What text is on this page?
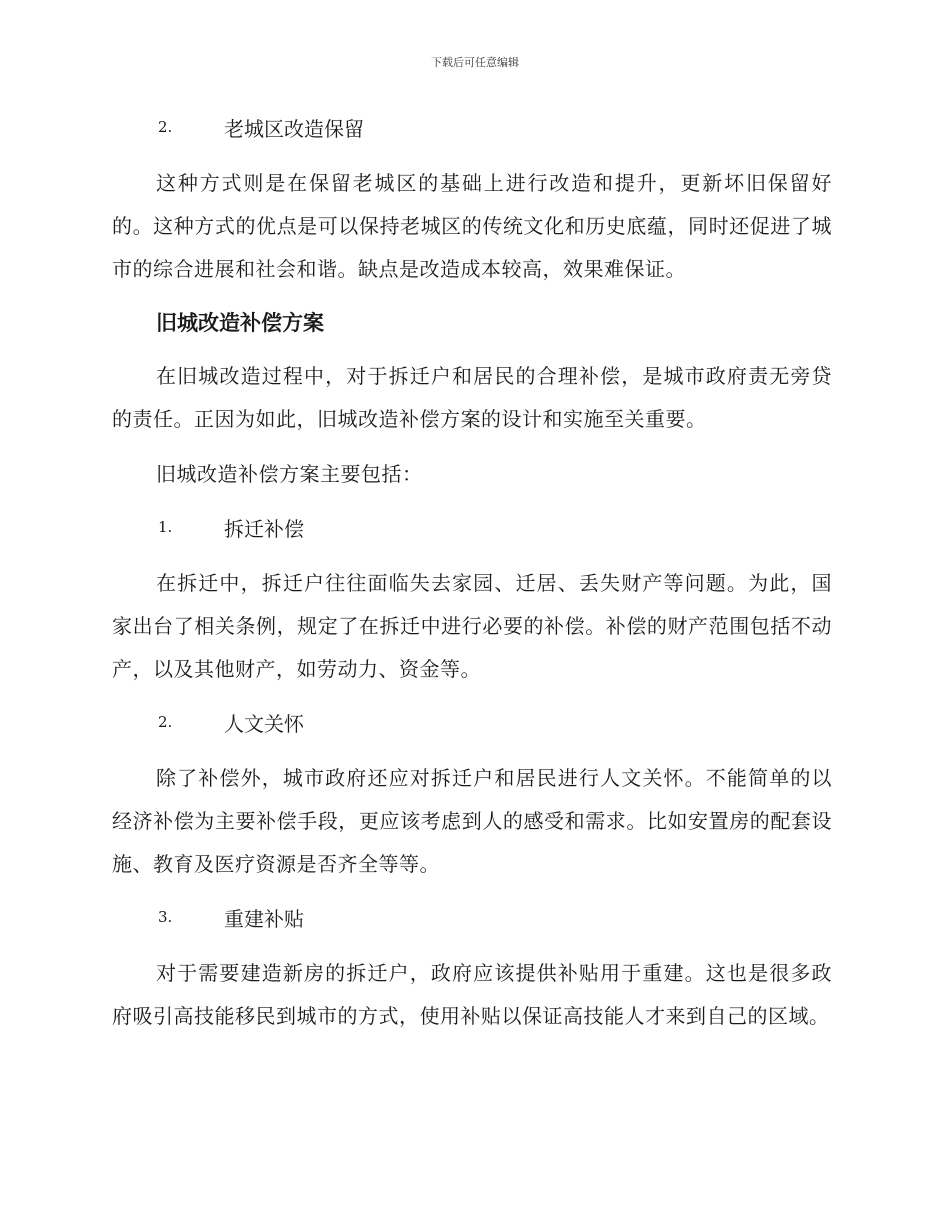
下载后可任意编辑
2.	老城区改造保留

这种方式则是在保留老城区的基础上进行改造和提升，更新坏旧保留好的。这种方式的优点是可以保持老城区的传统文化和历史底蕴，同时还促进了城市的综合进展和社会和谐。缺点是改造成本较高，效果难保证。

旧城改造补偿方案

在旧城改造过程中，对于拆迁户和居民的合理补偿，是城市政府责无旁贷的责任。正因为如此，旧城改造补偿方案的设计和实施至关重要。

旧城改造补偿方案主要包括：

1.	拆迁补偿

在拆迁中，拆迁户往往面临失去家园、迁居、丢失财产等问题。为此，国家出台了相关条例，规定了在拆迁中进行必要的补偿。补偿的财产范围包括不动产，以及其他财产，如劳动力、资金等。

2.	人文关怀

除了补偿外，城市政府还应对拆迁户和居民进行人文关怀。不能简单的以经济补偿为主要补偿手段，更应该考虑到人的感受和需求。比如安置房的配套设施、教育及医疗资源是否齐全等等。

3.	重建补贴

对于需要建造新房的拆迁户，政府应该提供补贴用于重建。这也是很多政府吸引高技能移民到城市的方式，使用补贴以保证高技能人才来到自己的区域。
